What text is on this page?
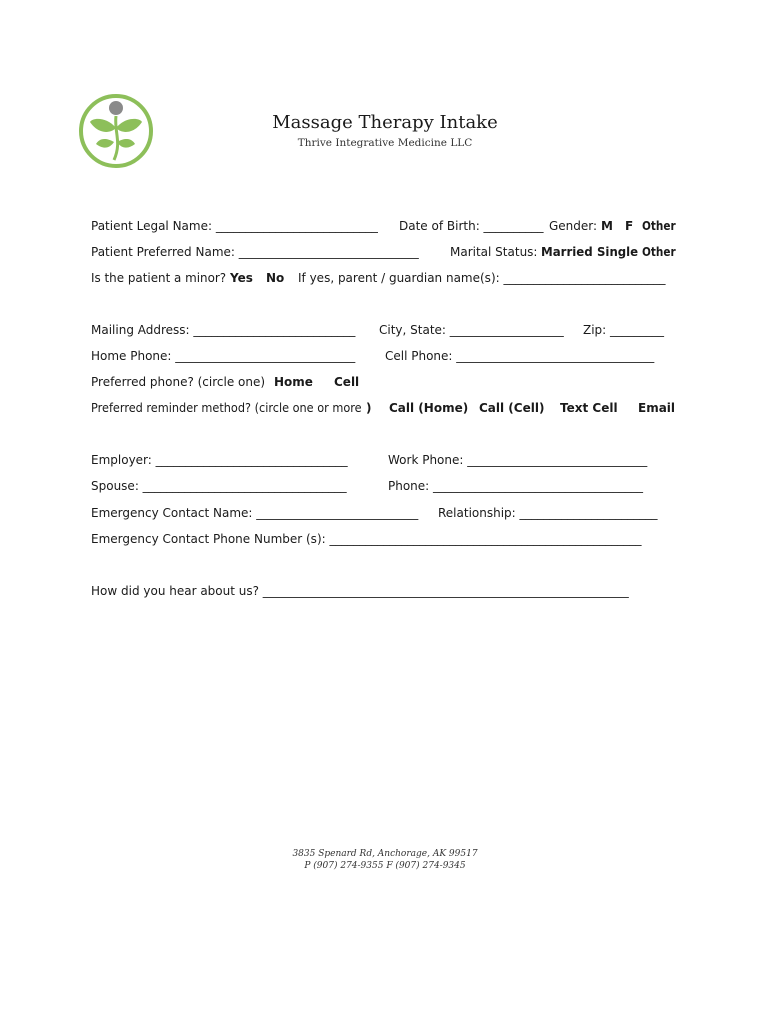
Massage Therapy Intake
Thrive Integrative Medicine LLC
Patient Legal Name: ___________________________ Date of Birth: __________ Gender: M F Other
Patient Preferred Name: ______________________________	Marital Status: Married Single Other
Is the patient a minor? Yes No If yes, parent / guardian name(s): ___________________________
Mailing Address: ___________________________ City, State: ___________________ Zip: _________
Home Phone: ______________________________ Cell Phone: _________________________________
Preferred phone? (circle one) Home Cell
Preferred reminder method? (circle one or more ) Call (Home) Call (Cell) Text Cell Email
Employer: ________________________________	Work Phone: ______________________________
Spouse: __________________________________	Phone: ___________________________________
Emergency Contact Name: ___________________________ Relationship: _______________________
Emergency Contact Phone Number (s): ____________________________________________________
How did you hear about us? _____________________________________________________________
3835 Spenard Rd, Anchorage, AK 99517
P (907) 274-9355 F (907) 274-9345
